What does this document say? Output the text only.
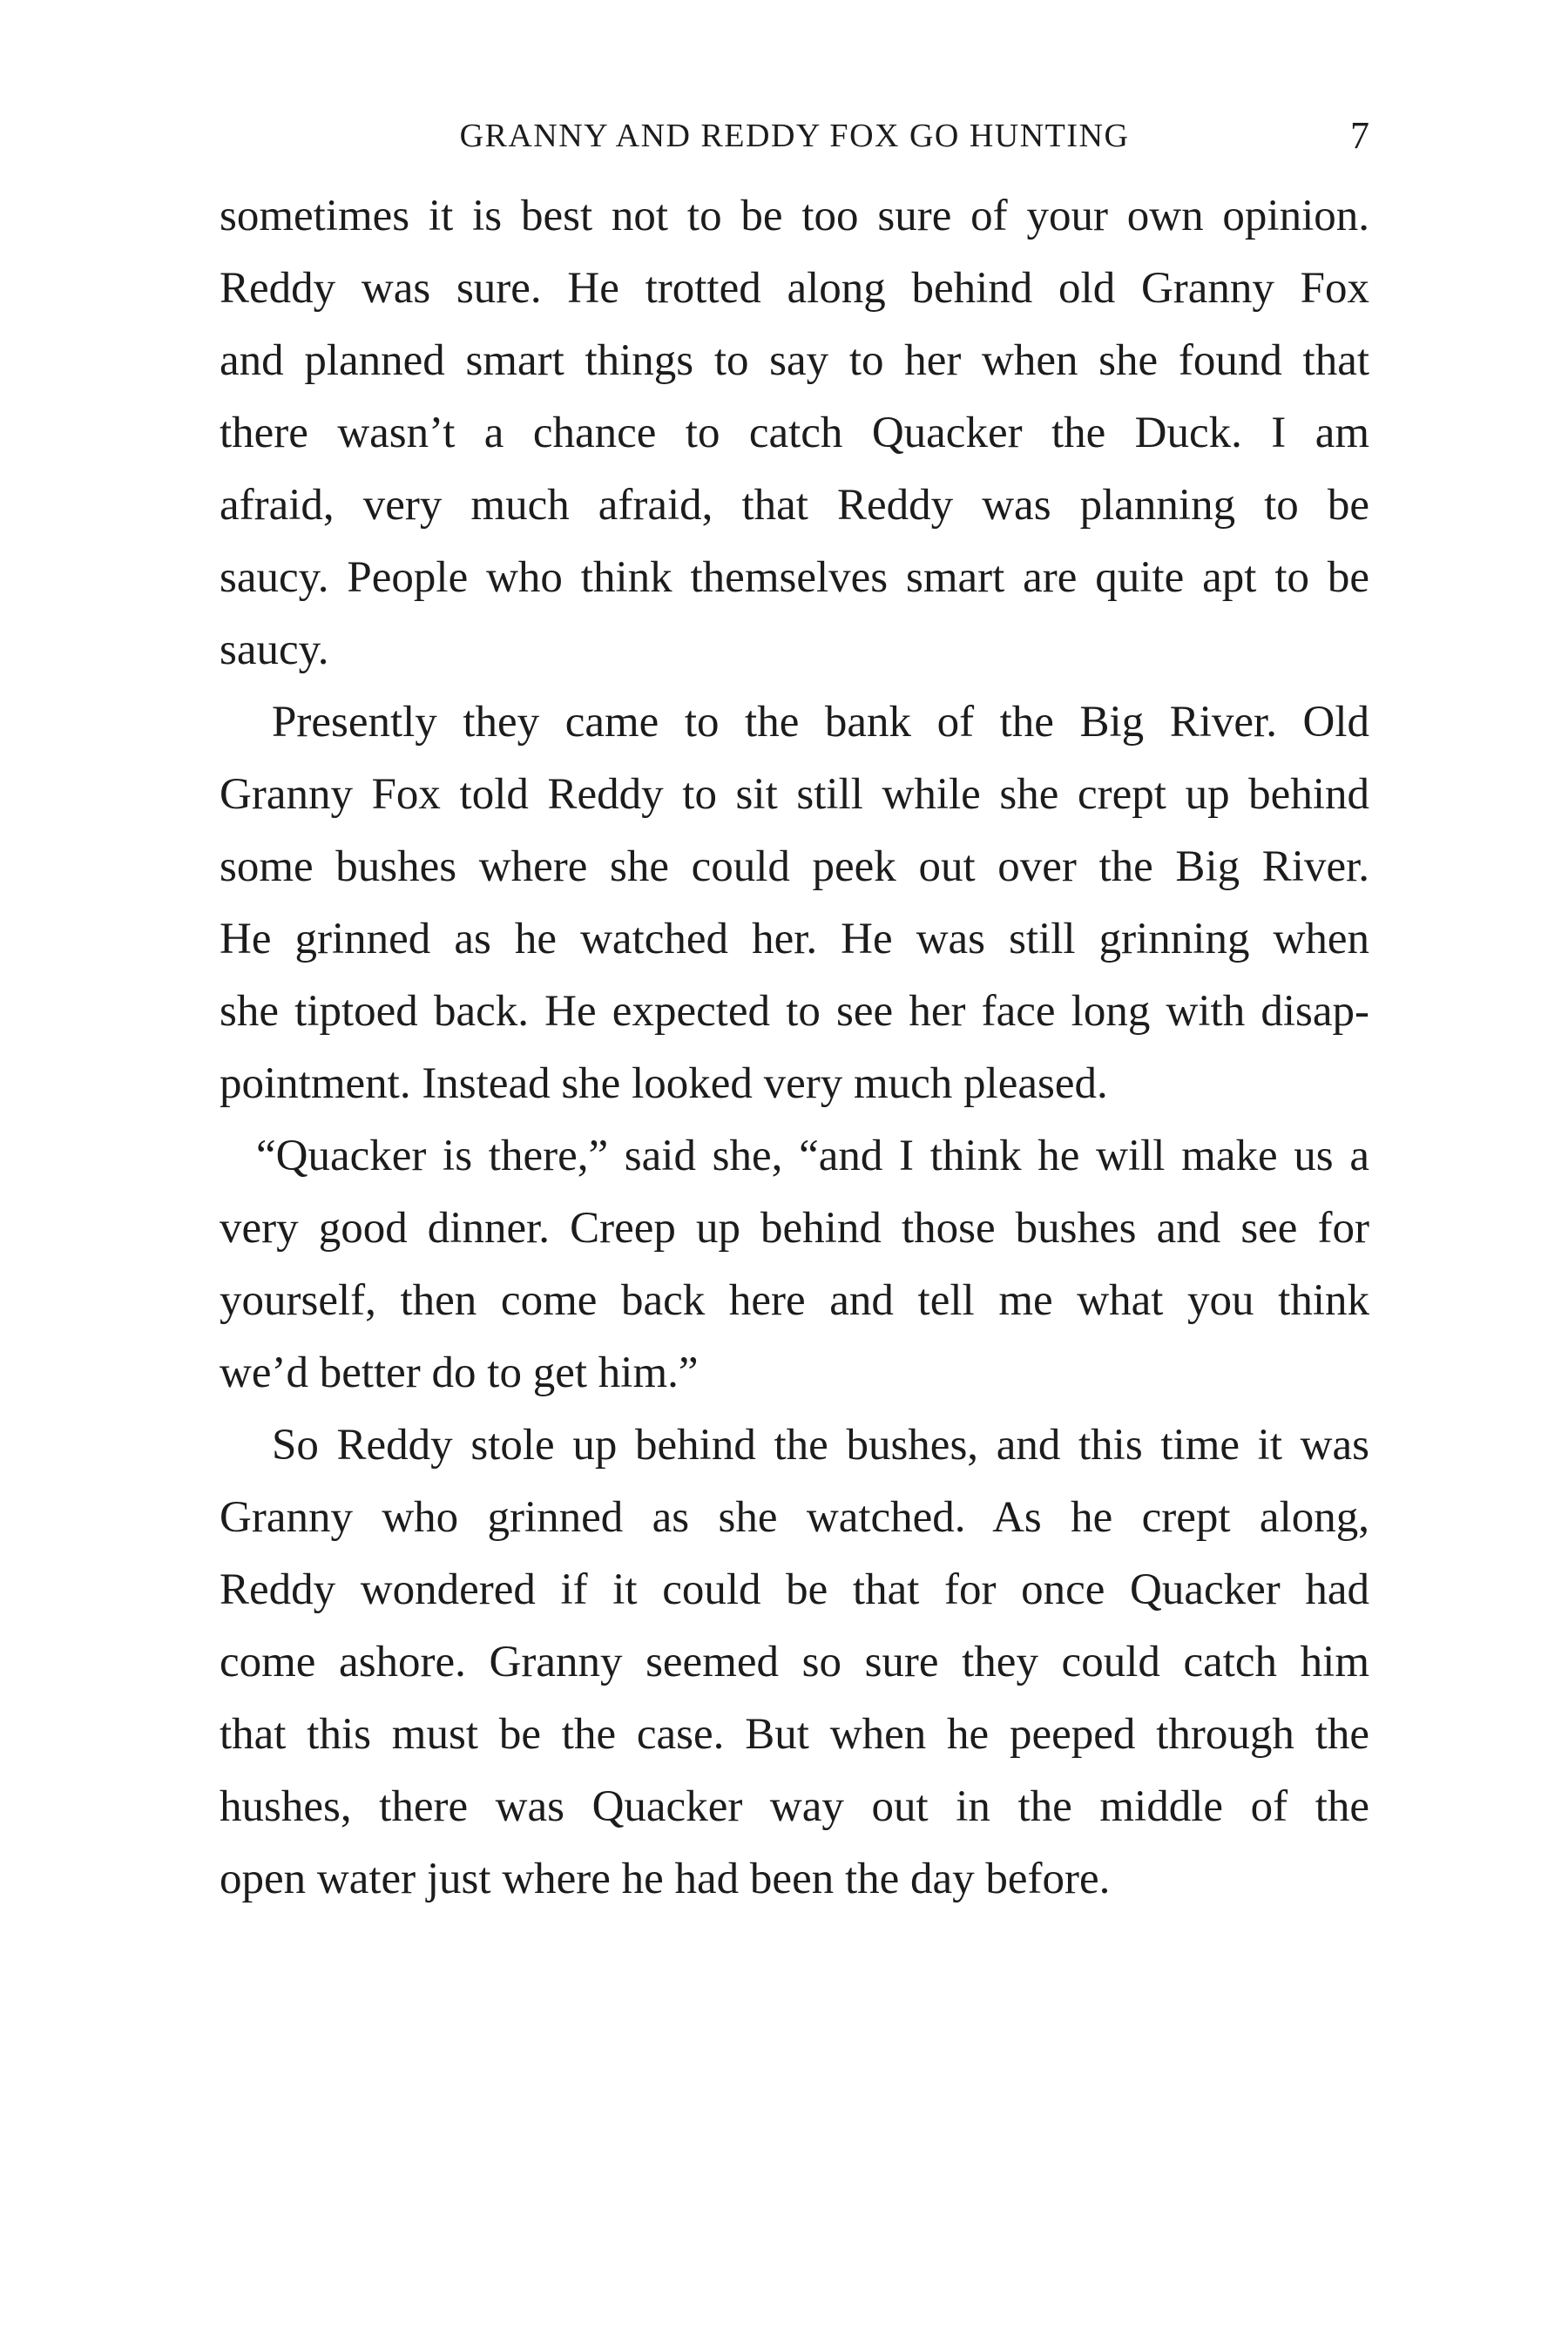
GRANNY AND REDDY FOX GO HUNTING	7
sometimes it is best not to be too sure of your own opinion.
Reddy was sure. He trotted along behind old Granny Fox
and planned smart things to say to her when she found that
there wasn’t a chance to catch Quacker the Duck. I am
afraid, very much afraid, that Reddy was planning to be
saucy. People who think themselves smart are quite apt to be
saucy.
Presently they came to the bank of the Big River. Old
Granny Fox told Reddy to sit still while she crept up behind
some bushes where she could peek out over the Big River.
He grinned as he watched her. He was still grinning when
she tiptoed back. He expected to see her face long with disap-
pointment. Instead she looked very much pleased.
“Quacker is there,” said she, “and I think he will make us a
very good dinner. Creep up behind those bushes and see for
yourself, then come back here and tell me what you think
we’d better do to get him.”
So Reddy stole up behind the bushes, and this time it was
Granny who grinned as she watched. As he crept along,
Reddy wondered if it could be that for once Quacker had
come ashore. Granny seemed so sure they could catch him
that this must be the case. But when he peeped through the
hushes, there was Quacker way out in the middle of the
open water just where he had been the day before.
